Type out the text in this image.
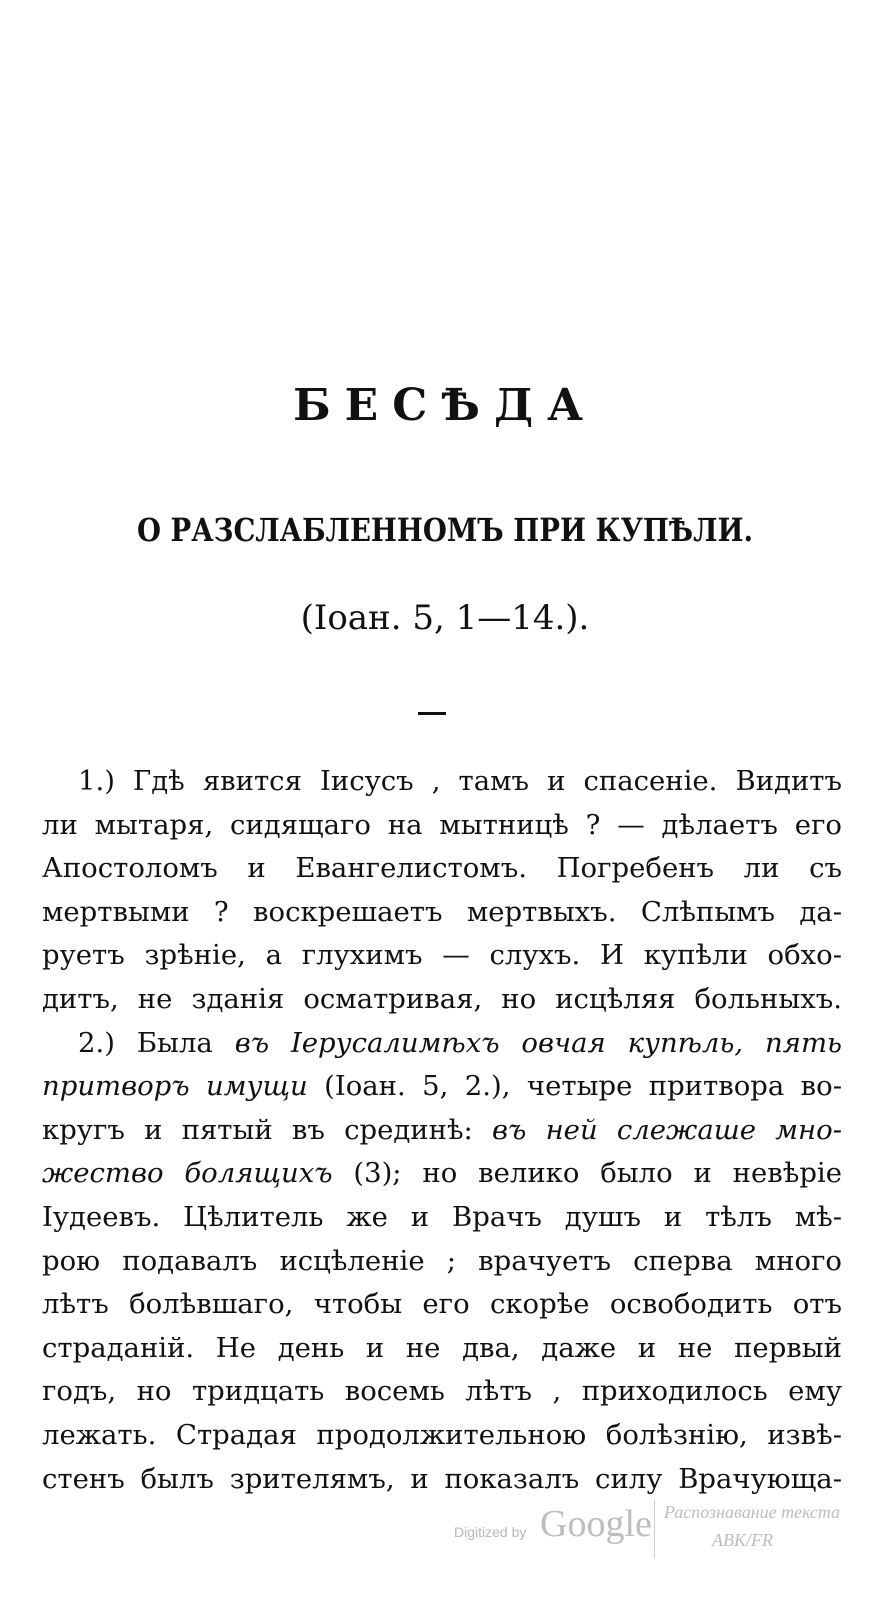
БЕСѢДА
О РАЗСЛАБЛЕННОМЪ ПРИ КУПѢЛИ.
(Іоан. 5, 1—14.).
1.) Гдѣ явится Іисусъ , тамъ и спасеніе. Видитъ
ли мытаря, сидящаго на мытницѣ ? — дѣлаетъ его
Апостоломъ и Евангелистомъ. Погребенъ ли съ
мертвыми ? воскрешаетъ мертвыхъ. Слѣпымъ да-
руетъ зрѣніе, а глухимъ — слухъ. И купѣли обхо-
дитъ, не зданія осматривая, но исцѣляя больныхъ.
2.) Была въ Іерусалимѣхъ овчая купѣль, пять
притворъ имущи (Іоан. 5, 2.), четыре притвора во-
кругъ и пятый въ срединѣ: въ ней слежаше мно-
жество болящихъ (3); но велико было и невѣріе
Іудеевъ. Цѣлитель же и Врачъ душъ и тѣлъ мѣ-
рою подавалъ исцѣленіе ; врачуетъ сперва много
лѣтъ болѣвшаго, чтобы его скорѣе освободить отъ
страданій. Не день и не два, даже и не первый
годъ, но тридцать восемь лѣтъ , приходилось ему
лежать. Страдая продолжительною болѣзнію, извѣ-
стенъ былъ зрителямъ, и показалъ силу Врачующа-
Digitized by Google Распознавание текста
ABK/FR
